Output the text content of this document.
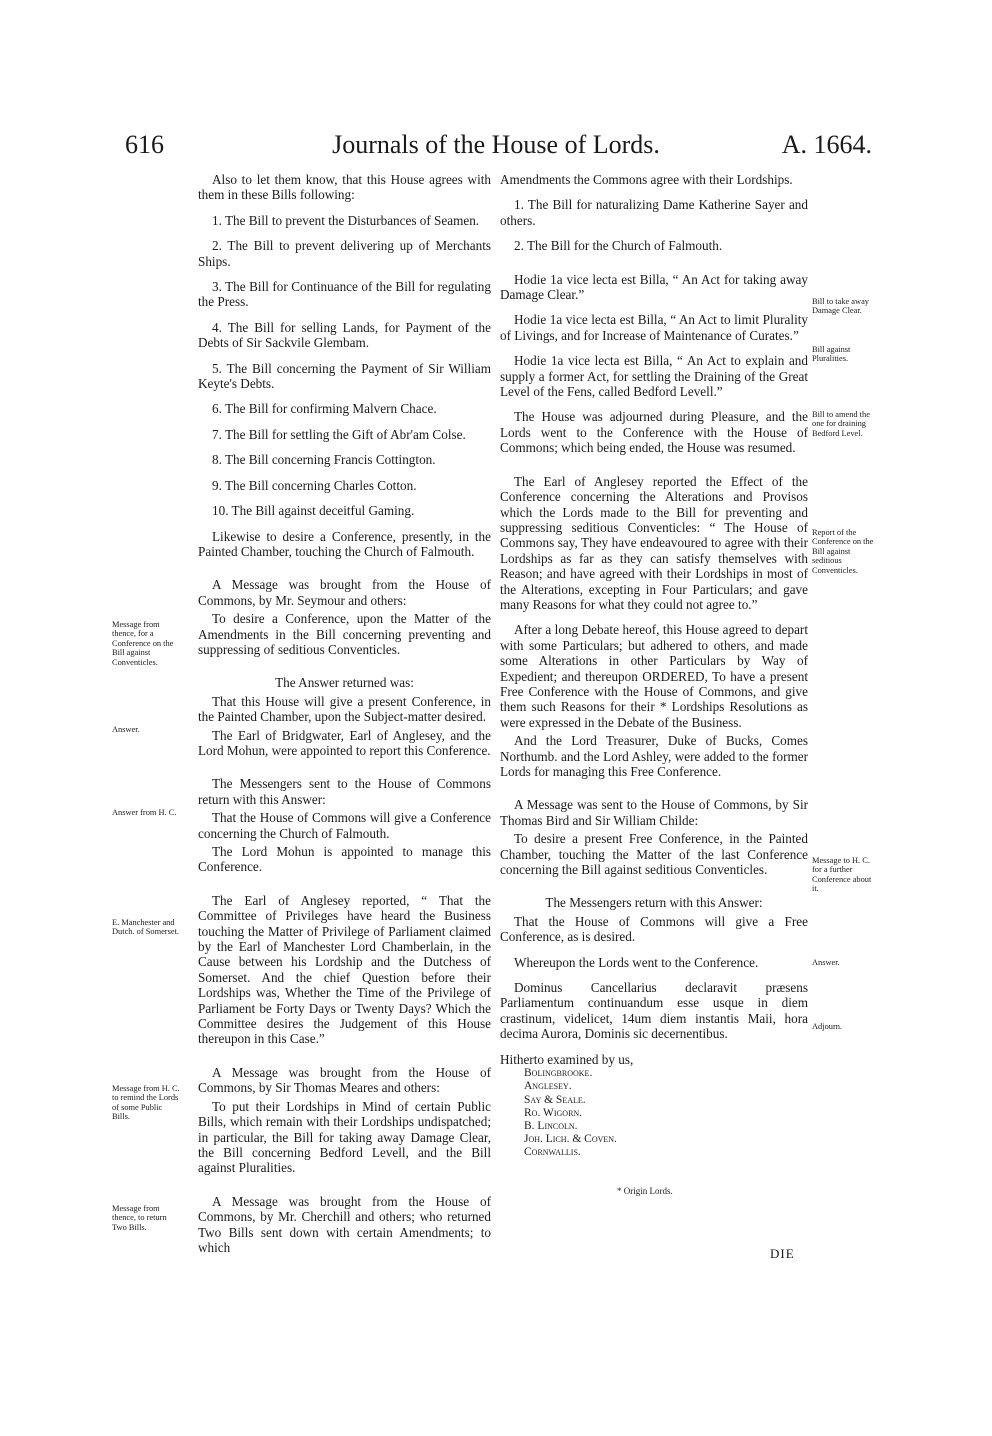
616	Journals of the House of Lords.	A. 1664.

Also to let them know, that this House agrees with them in these Bills following:

1. The Bill to prevent the Disturbances of Seamen.

2. The Bill to prevent delivering up of Merchants Ships.

3. The Bill for Continuance of the Bill for regulating the Press.

4. The Bill for selling Lands, for Payment of the Debts of Sir Sackvile Glembam.

5. The Bill concerning the Payment of Sir William Keyte's Debts.

6. The Bill for confirming Malvern Chace.

7. The Bill for settling the Gift of Abr'am Colse.

8. The Bill concerning Francis Cottington.

9. The Bill concerning Charles Cotton.

10. The Bill against deceitful Gaming.

Likewise to desire a Conference, presently, in the Painted Chamber, touching the Church of Falmouth.

A Message was brought from the House of Commons, by Mr. Seymour and others:

To desire a Conference, upon the Matter of the Amendments in the Bill concerning preventing and suppressing of seditious Conventicles.

The Answer returned was:

That this House will give a present Conference, in the Painted Chamber, upon the Subject-matter desired.

The Earl of Bridgwater, Earl of Anglesey, and the Lord Mohun, were appointed to report this Conference.

The Messengers sent to the House of Commons return with this Answer:

That the House of Commons will give a Conference concerning the Church of Falmouth.

The Lord Mohun is appointed to manage this Conference.

The Earl of Anglesey reported, “ That the Committee of Privileges have heard the Business touching the Matter of Privilege of Parliament claimed by the Earl of Manchester Lord Chamberlain, in the Cause between his Lordship and the Dutchess of Somerset. And the chief Question before their Lordships was, Whether the Time of the Privilege of Parliament be Forty Days or Twenty Days? Which the Committee desires the Judgement of this House thereupon in this Case.”

A Message was brought from the House of Commons, by Sir Thomas Meares and others:

To put their Lordships in Mind of certain Public Bills, which remain with their Lordships undispatched; in particular, the Bill for taking away Damage Clear, the Bill concerning Bedford Levell, and the Bill against Pluralities.

A Message was brought from the House of Commons, by Mr. Cherchill and others; who returned Two Bills sent down with certain Amendments; to which

Amendments the Commons agree with their Lordships.

1. The Bill for naturalizing Dame Katherine Sayer and others.

2. The Bill for the Church of Falmouth.

Hodie 1a vice lecta est Billa, “ An Act for taking away Damage Clear.”

Hodie 1a vice lecta est Billa, “ An Act to limit Plurality of Livings, and for Increase of Maintenance of Curates.”

Hodie 1a vice lecta est Billa, “ An Act to explain and supply a former Act, for settling the Draining of the Great Level of the Fens, called Bedford Levell.”

The House was adjourned during Pleasure, and the Lords went to the Conference with the House of Commons; which being ended, the House was resumed.

The Earl of Anglesey reported the Effect of the Conference concerning the Alterations and Provisos which the Lords made to the Bill for preventing and suppressing seditious Conventicles: “ The House of Commons say, They have endeavoured to agree with their Lordships as far as they can satisfy themselves with Reason; and have agreed with their Lordships in most of the Alterations, excepting in Four Particulars; and gave many Reasons for what they could not agree to.”

After a long Debate hereof, this House agreed to depart with some Particulars; but adhered to others, and made some Alterations in other Particulars by Way of Expedient; and thereupon ORDERED, To have a present Free Conference with the House of Commons, and give them such Reasons for their * Lordships Resolutions as were expressed in the Debate of the Business.

And the Lord Treasurer, Duke of Bucks, Comes Northumb. and the Lord Ashley, were added to the former Lords for managing this Free Conference.

A Message was sent to the House of Commons, by Sir Thomas Bird and Sir William Childe:

To desire a present Free Conference, in the Painted Chamber, touching the Matter of the last Conference concerning the Bill against seditious Conventicles.

The Messengers return with this Answer:

That the House of Commons will give a Free Conference, as is desired.

Whereupon the Lords went to the Conference.

Dominus Cancellarius declaravit præsens Parliamentum continuandum esse usque in diem crastinum, videlicet, 14um diem instantis Maii, hora decima Aurora, Dominis sic decernentibus.

Hitherto examined by us,
Bolingbrooke.
Anglesey.
Say & Seale.
Ro. Wigorn.
B. Lincoln.
Joh. Lich. & Coven.
Cornwallis.
Message from thence, for a Conference on the Bill against Conventicles.
Answer.
Answer from H. C.
E. Manchester and Dutch. of Somerset.
Message from H. C. to remind the Lords of some Public Bills.
Message from thence, to return Two Bills.
Bill to take away Damage Clear.
Bill against Pluralities.
Bill to amend the one for draining Bedford Level.
Report of the Conference on the Bill against seditious Conventicles.
Message to H. C. for a further Conference about it.
Answer.
Adjourn.
* Origin Lords.
DIE
